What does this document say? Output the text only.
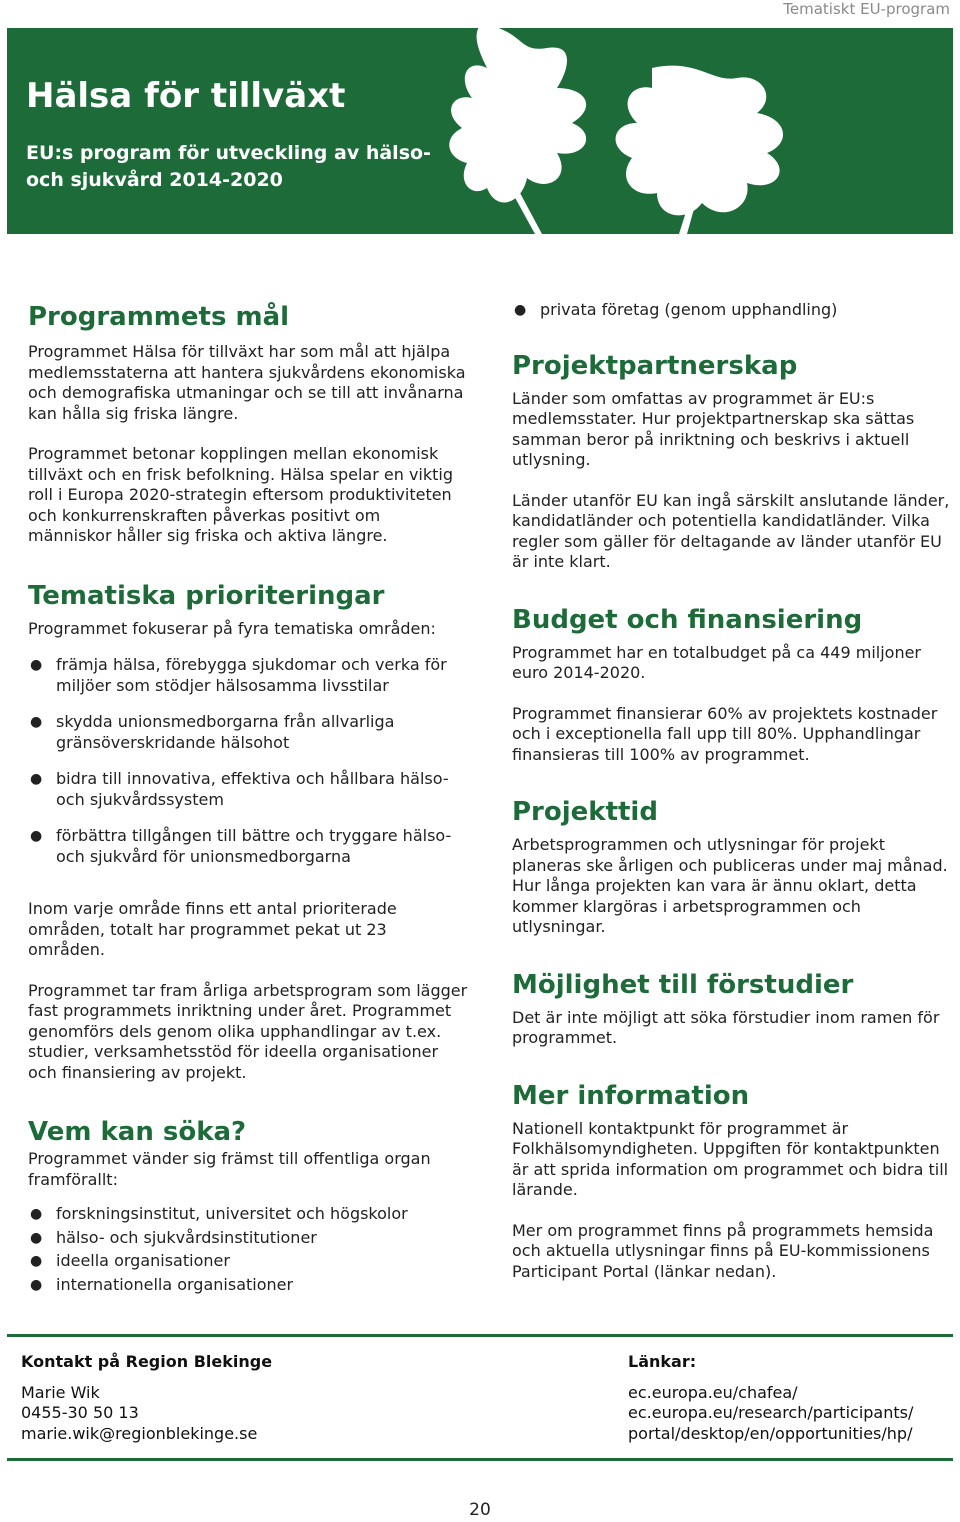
Tematiskt EU-program
Hälsa för tillväxt
EU:s program för utveckling av hälso-
och sjukvård 2014-2020
Programmets mål

Programmet Hälsa för tillväxt har som mål att hjälpa medlemsstaterna att hantera sjukvårdens ekonomiska och demografiska utmaningar och se till att invånarna kan hålla sig friska längre.

Programmet betonar kopplingen mellan ekonomisk tillväxt och en frisk befolkning. Hälsa spelar en viktig roll i Europa 2020-strategin eftersom produktiviteten och konkurrenskraften påverkas positivt om människor håller sig friska och aktiva längre.

Tematiska prioriteringar

Programmet fokuserar på fyra tematiska områden:

● främja hälsa, förebygga sjukdomar och verka för miljöer som stödjer hälsosamma livsstilar
● skydda unionsmedborgarna från allvarliga gränsöverskridande hälsohot
● bidra till innovativa, effektiva och hållbara hälso- och sjukvårdssystem
● förbättra tillgången till bättre och tryggare hälso- och sjukvård för unionsmedborgarna

Inom varje område finns ett antal prioriterade områden, totalt har programmet pekat ut 23 områden.

Programmet tar fram årliga arbetsprogram som lägger fast programmets inriktning under året. Programmet genomförs dels genom olika upphandlingar av t.ex. studier, verksamhetsstöd för ideella organisationer och finansiering av projekt.

Vem kan söka?

Programmet vänder sig främst till offentliga organ framförallt:

● forskningsinstitut, universitet och högskolor
● hälso- och sjukvårdsinstitutioner
● ideella organisationer
● internationella organisationer
● privata företag (genom upphandling)
Projektpartnerskap

Länder som omfattas av programmet är EU:s medlemsstater. Hur projektpartnerskap ska sättas samman beror på inriktning och beskrivs i aktuell utlysning.

Länder utanför EU kan ingå särskilt anslutande länder, kandidatländer och potentiella kandidatländer. Vilka regler som gäller för deltagande av länder utanför EU är inte klart.

Budget och finansiering

Programmet har en totalbudget på ca 449 miljoner euro 2014-2020.

Programmet finansierar 60% av projektets kostnader och i exceptionella fall upp till 80%. Upphandlingar finansieras till 100% av programmet.

Projekttid

Arbetsprogrammen och utlysningar för projekt planeras ske årligen och publiceras under maj månad. Hur långa projekten kan vara är ännu oklart, detta kommer klargöras i arbetsprogrammen och utlysningar.

Möjlighet till förstudier

Det är inte möjligt att söka förstudier inom ramen för programmet.

Mer information

Nationell kontaktpunkt för programmet är Folkhälsomyndigheten. Uppgiften för kontaktpunkten är att sprida information om programmet och bidra till lärande.

Mer om programmet finns på programmets hemsida och aktuella utlysningar finns på EU-kommissionens Participant Portal (länkar nedan).

Kontakt på Region Blekinge
Marie Wik
0455-30 50 13
marie.wik@regionblekinge.se
Länkar:
ec.europa.eu/chafea/
ec.europa.eu/research/participants/
portal/desktop/en/opportunities/hp/
20
